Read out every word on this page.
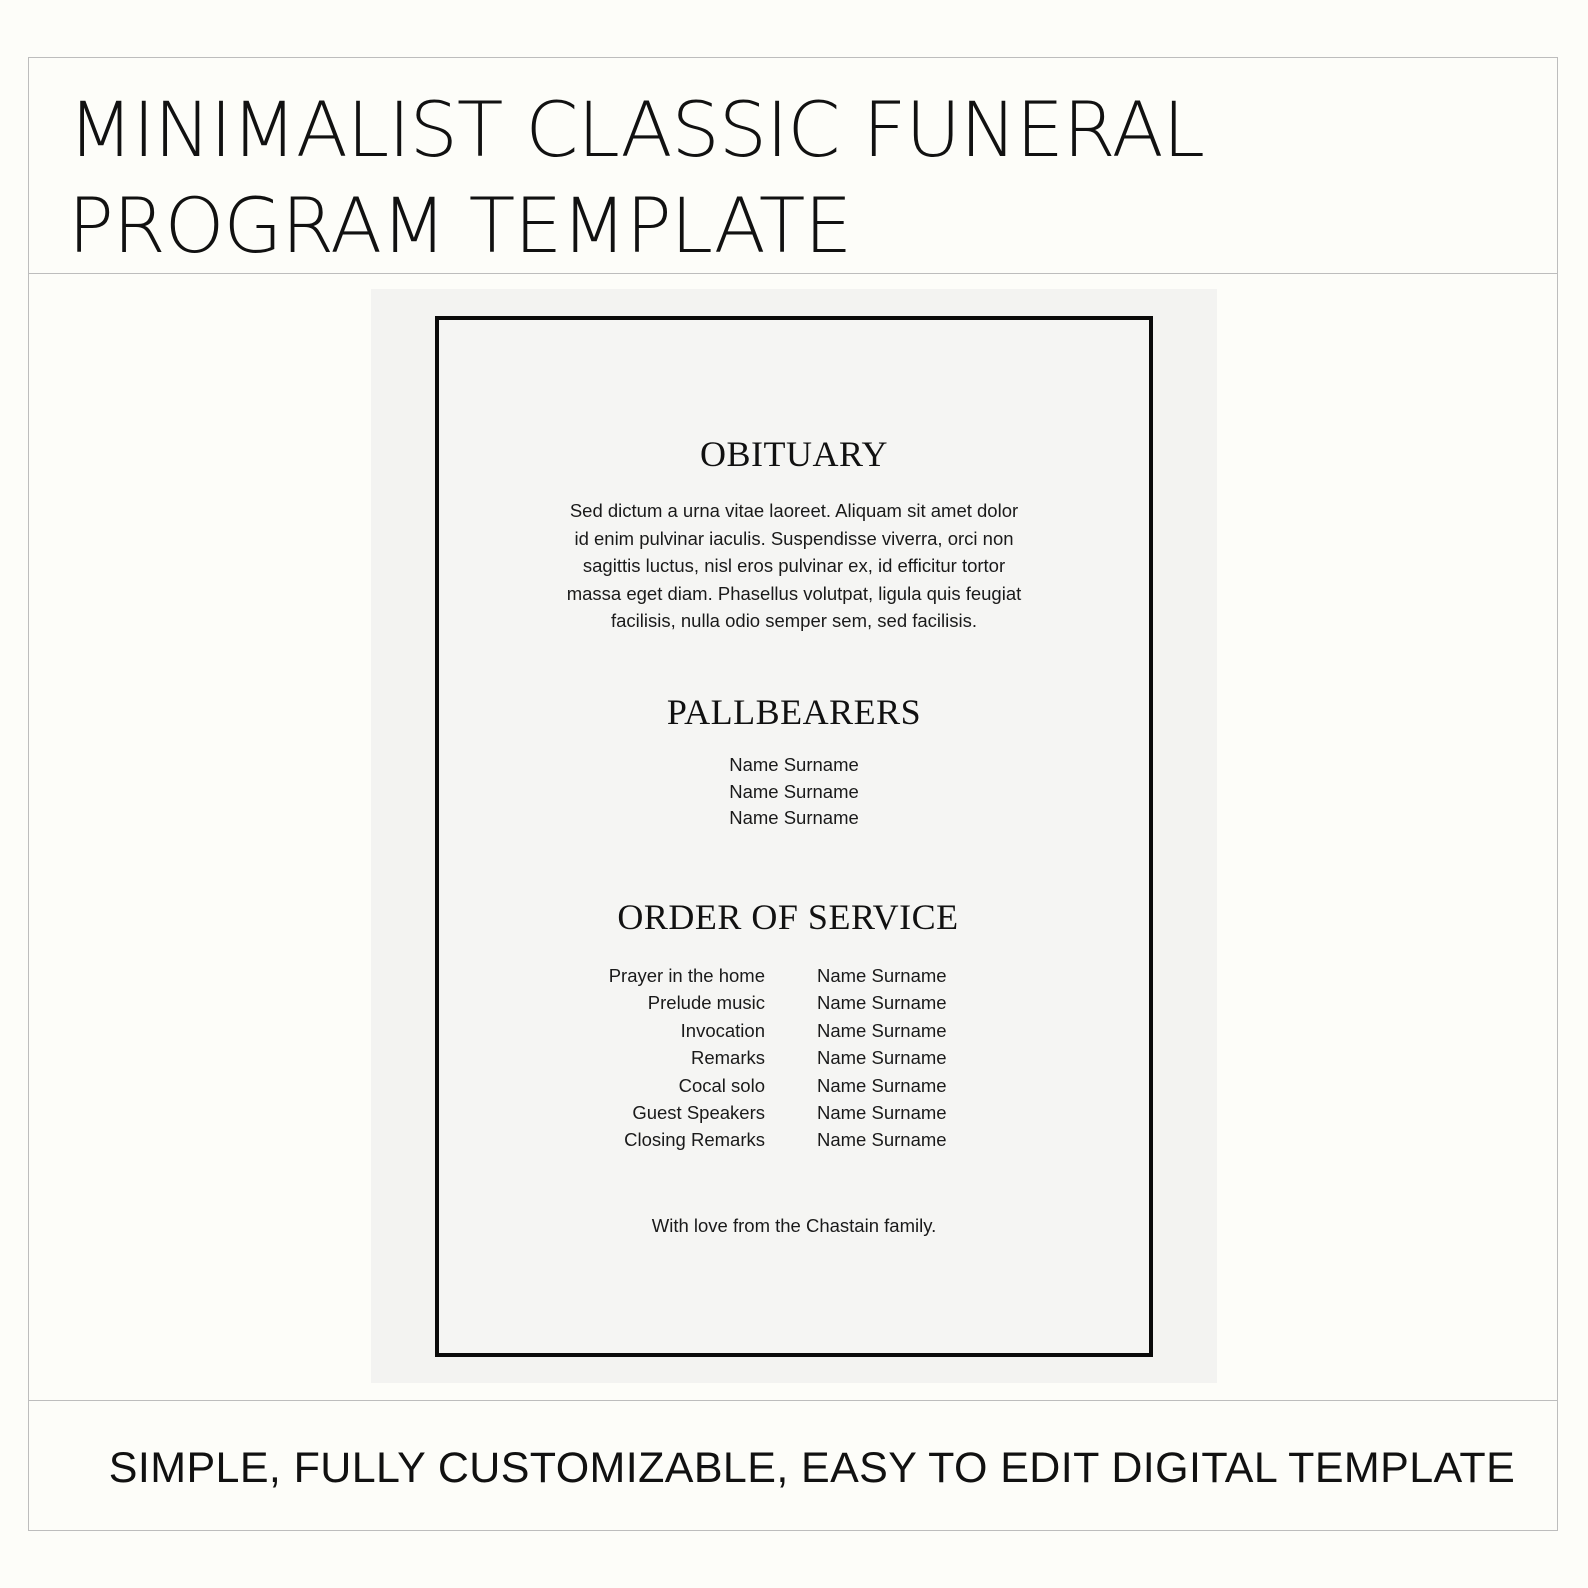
MINIMALIST CLASSIC FUNERAL
PROGRAM TEMPLATE
OBITUARY

Sed dictum a urna vitae laoreet. Aliquam sit amet dolor
id enim pulvinar iaculis. Suspendisse viverra, orci non
sagittis luctus, nisl eros pulvinar ex, id efficitur tortor
massa eget diam. Phasellus volutpat, ligula quis feugiat
facilisis, nulla odio semper sem, sed facilisis.

PALLBEARERS
Name Surname
Name Surname
Name Surname
ORDER OF SERVICE
Prayer in the home	Name Surname
Prelude music	Name Surname
Invocation	Name Surname
Remarks	Name Surname
Cocal solo	Name Surname
Guest Speakers	Name Surname
Closing Remarks	Name Surname

With love from the Chastain family.

SIMPLE, FULLY CUSTOMIZABLE, EASY TO EDIT DIGITAL TEMPLATE
